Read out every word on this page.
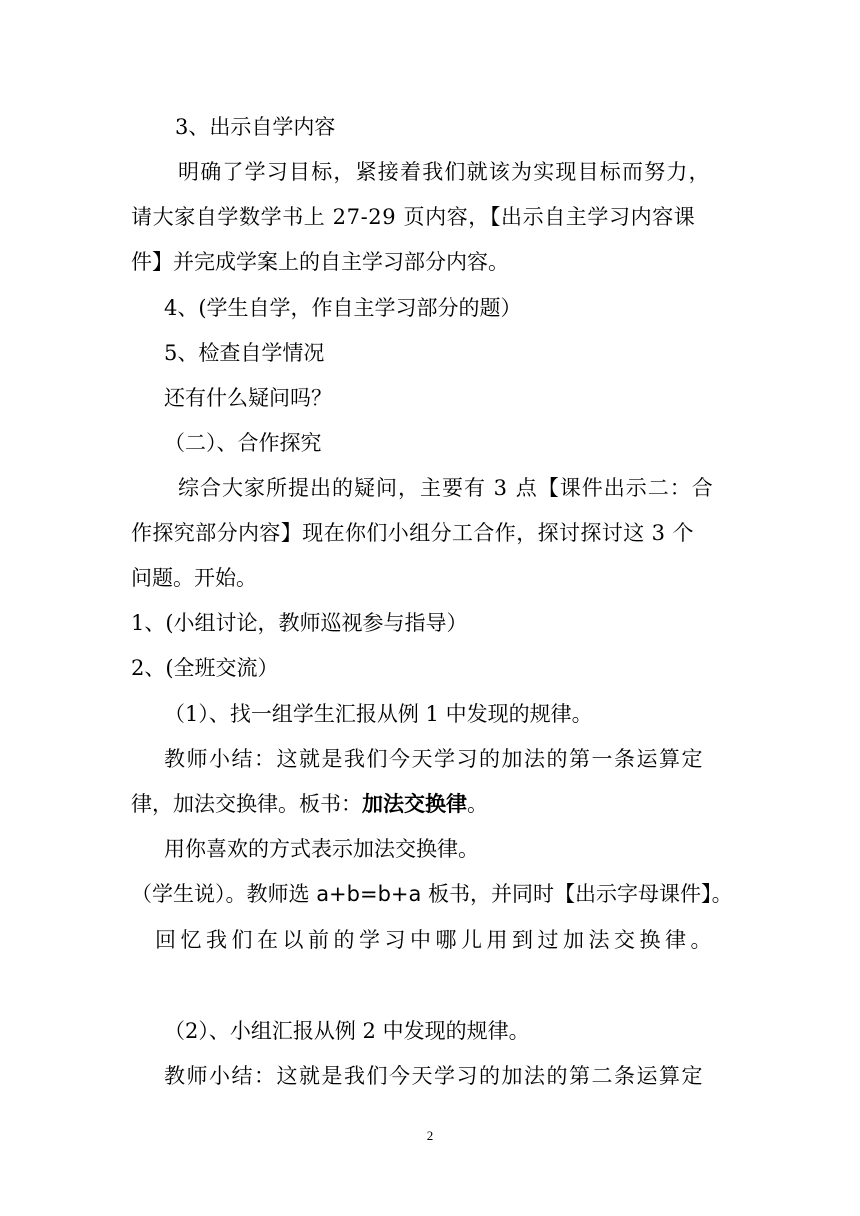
3、出示自学内容

明确了学习目标，紧接着我们就该为实现目标而努力，

请大家自学数学书上 27-29 页内容，【出示自主学习内容课

件】并完成学案上的自主学习部分内容。

4、(学生自学，作自主学习部分的题）

5、检查自学情况

还有什么疑问吗？

（二）、合作探究

综合大家所提出的疑问，主要有 3 点【课件出示二：合

作探究部分内容】现在你们小组分工合作，探讨探讨这 3 个

问题。开始。

1、(小组讨论，教师巡视参与指导）

2、(全班交流）

（1）、找一组学生汇报从例 1 中发现的规律。

教师小结：这就是我们今天学习的加法的第一条运算定

律，加法交换律。板书：加法交换律。

用你喜欢的方式表示加法交换律。

（学生说）。教师选 a+b=b+a 板书，并同时【出示字母课件】。

回忆我们在以前的学习中哪儿用到过加法交换律。

（2）、小组汇报从例 2 中发现的规律。

教师小结：这就是我们今天学习的加法的第二条运算定

2
